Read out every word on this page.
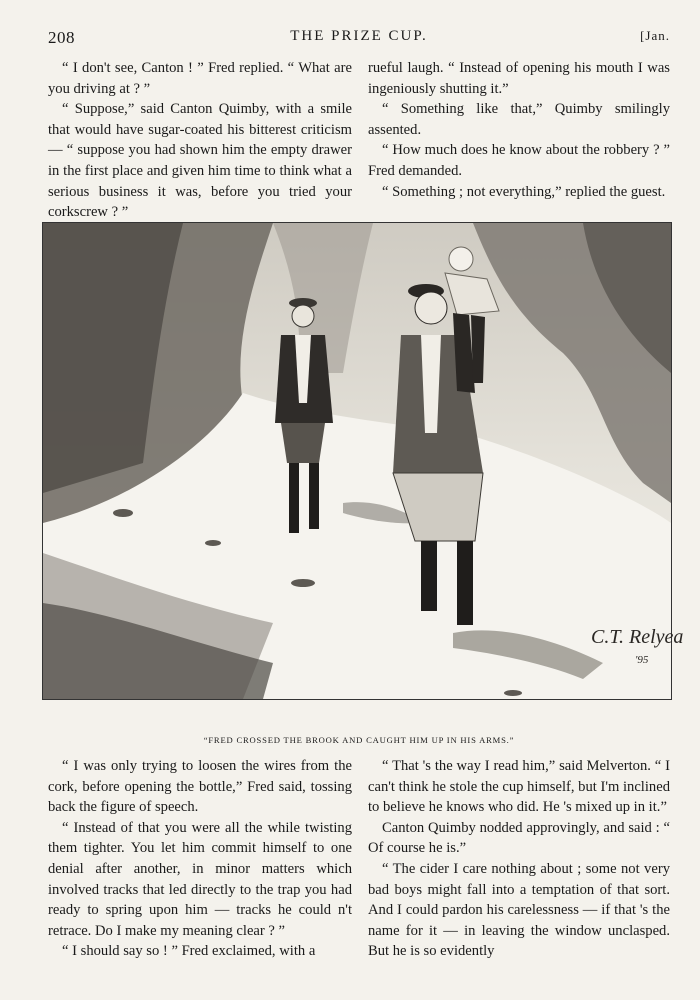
208	THE PRIZE CUP.	[Jan.

“ I don't see, Canton ! ” Fred replied. “ What are you driving at ? ”

“ Suppose,” said Canton Quimby, with a smile that would have sugar-coated his bitterest criticism — “ suppose you had shown him the empty drawer in the first place and given him time to think what a serious business it was, before you tried your corkscrew ? ”

rueful laugh. “ Instead of opening his mouth I was ingeniously shutting it.”

“ Something like that,” Quimby smilingly assented.

“ How much does he know about the robbery ? ” Fred demanded.

“ Something ; not everything,” replied the guest.

C.T. Relyea
'95
“FRED CROSSED THE BROOK AND CAUGHT HIM UP IN HIS ARMS.”

“ I was only trying to loosen the wires from the cork, before opening the bottle,” Fred said, tossing back the figure of speech.

“ Instead of that you were all the while twisting them tighter. You let him commit himself to one denial after another, in minor matters which involved tracks that led directly to the trap you had ready to spring upon him — tracks he could n't retrace. Do I make my meaning clear ? ”

“ I should say so ! ” Fred exclaimed, with a

“ That 's the way I read him,” said Melverton. “ I can't think he stole the cup himself, but I'm inclined to believe he knows who did. He 's mixed up in it.”

Canton Quimby nodded approvingly, and said : “ Of course he is.”

“ The cider I care nothing about ; some not very bad boys might fall into a temptation of that sort. And I could pardon his carelessness — if that 's the name for it — in leaving the window unclasped. But he is so evidently
